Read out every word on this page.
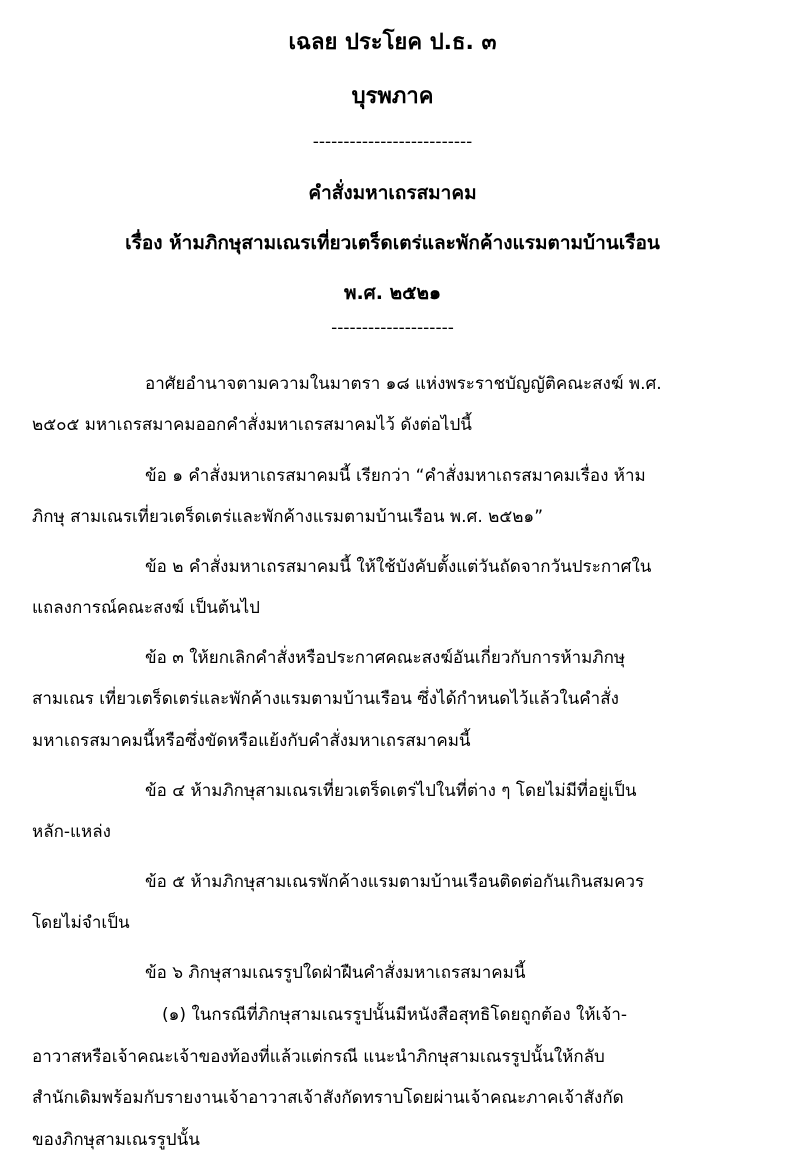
เฉลย ประโยค ป.ธ. ๓
บุรพภาค
--------------------------
คำสั่งมหาเถรสมาคม
เรื่อง ห้ามภิกษุสามเณรเที่ยวเตร็ดเตร่และพักค้างแรมตามบ้านเรือน
พ.ศ. ๒๕๒๑
--------------------
อาศัยอำนาจตามความในมาตรา ๑๘ แห่งพระราชบัญญัติคณะสงฆ์ พ.ศ.
๒๕๐๕ มหาเถรสมาคมออกคำสั่งมหาเถรสมาคมไว้ ดังต่อไปนี้
ข้อ ๑ คำสั่งมหาเถรสมาคมนี้ เรียกว่า “คำสั่งมหาเถรสมาคมเรื่อง ห้าม
ภิกษุ สามเณรเที่ยวเตร็ดเตร่และพักค้างแรมตามบ้านเรือน พ.ศ. ๒๕๒๑”
ข้อ ๒ คำสั่งมหาเถรสมาคมนี้ ให้ใช้บังคับตั้งแต่วันถัดจากวันประกาศใน
แถลงการณ์คณะสงฆ์ เป็นต้นไป
ข้อ ๓ ให้ยกเลิกคำสั่งหรือประกาศคณะสงฆ์อันเกี่ยวกับการห้ามภิกษุ
สามเณร เที่ยวเตร็ดเตร่และพักค้างแรมตามบ้านเรือน ซึ่งได้กำหนดไว้แล้วในคำสั่ง
มหาเถรสมาคมนี้หรือซึ่งขัดหรือแย้งกับคำสั่งมหาเถรสมาคมนี้
ข้อ ๔ ห้ามภิกษุสามเณรเที่ยวเตร็ดเตร่ไปในที่ต่าง ๆ โดยไม่มีที่อยู่เป็น
หลัก-แหล่ง
ข้อ ๕ ห้ามภิกษุสามเณรพักค้างแรมตามบ้านเรือนติดต่อกันเกินสมควร
โดยไม่จำเป็น
ข้อ ๖ ภิกษุสามเณรรูปใดฝ่าฝืนคำสั่งมหาเถรสมาคมนี้
(๑) ในกรณีที่ภิกษุสามเณรรูปนั้นมีหนังสือสุทธิโดยถูกต้อง ให้เจ้า-
อาวาสหรือเจ้าคณะเจ้าของท้องที่แล้วแต่กรณี แนะนำภิกษุสามเณรรูปนั้นให้กลับ
สำนักเดิมพร้อมกับรายงานเจ้าอาวาสเจ้าสังกัดทราบโดยผ่านเจ้าคณะภาคเจ้าสังกัด
ของภิกษุสามเณรรูปนั้น
